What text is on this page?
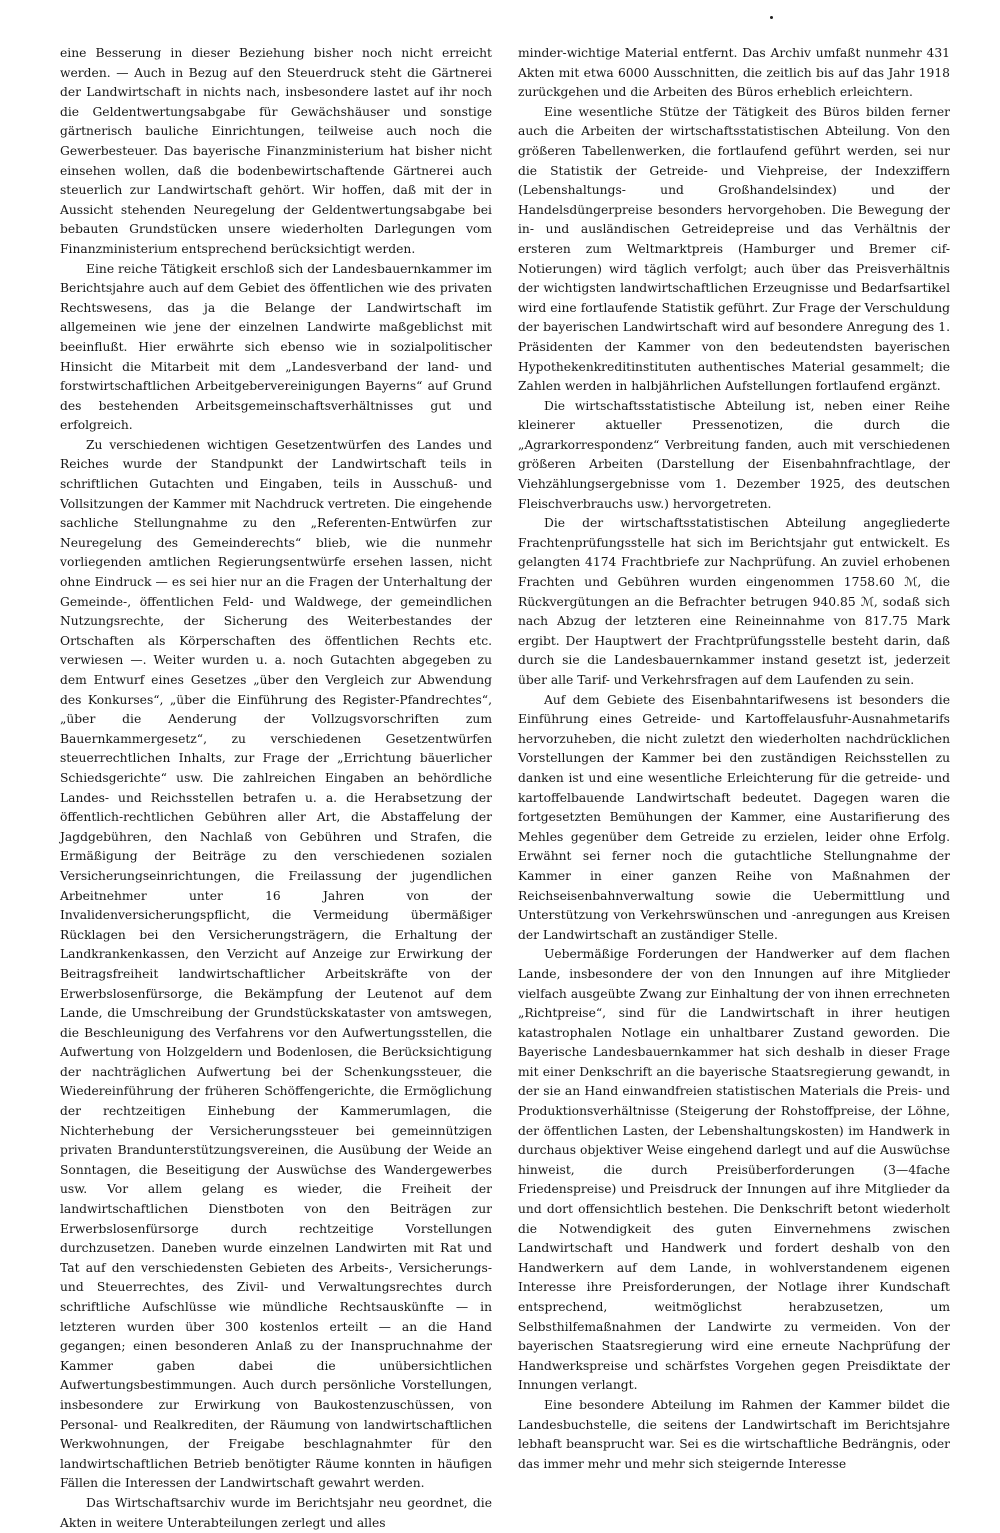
eine Besserung in dieser Beziehung bisher noch nicht erreicht werden. — Auch in Bezug auf den Steuerdruck steht die Gärtnerei der Landwirtschaft in nichts nach, insbesondere lastet auf ihr noch die Geldentwertungsabgabe für Gewächshäuser und sonstige gärtnerisch bauliche Einrichtungen, teilweise auch noch die Gewerbesteuer. Das bayerische Finanzministerium hat bisher nicht einsehen wollen, daß die bodenbewirtschaftende Gärtnerei auch steuerlich zur Landwirtschaft gehört. Wir hoffen, daß mit der in Aussicht stehenden Neuregelung der Geldentwertungsabgabe bei bebauten Grundstücken unsere wiederholten Darlegungen vom Finanzministerium entsprechend berücksichtigt werden.

Eine reiche Tätigkeit erschloß sich der Landesbauernkammer im Berichtsjahre auch auf dem Gebiet des öffentlichen wie des privaten Rechtswesens, das ja die Belange der Landwirtschaft im allgemeinen wie jene der einzelnen Landwirte maßgeblichst mit beeinflußt. Hier erwährte sich ebenso wie in sozialpolitischer Hinsicht die Mitarbeit mit dem „Landesverband der land- und forstwirtschaftlichen Arbeitgebervereinigungen Bayerns“ auf Grund des bestehenden Arbeitsgemeinschaftsverhältnisses gut und erfolgreich.

Zu verschiedenen wichtigen Gesetzentwürfen des Landes und Reiches wurde der Standpunkt der Landwirtschaft teils in schriftlichen Gutachten und Eingaben, teils in Ausschuß- und Vollsitzungen der Kammer mit Nachdruck vertreten. Die eingehende sachliche Stellungnahme zu den „Referenten-Entwürfen zur Neuregelung des Gemeinderechts“ blieb, wie die nunmehr vorliegenden amtlichen Regierungsentwürfe ersehen lassen, nicht ohne Eindruck — es sei hier nur an die Fragen der Unterhaltung der Gemeinde-, öffentlichen Feld- und Waldwege, der gemeindlichen Nutzungsrechte, der Sicherung des Weiterbestandes der Ortschaften als Körperschaften des öffentlichen Rechts etc. verwiesen —. Weiter wurden u. a. noch Gutachten abgegeben zu dem Entwurf eines Gesetzes „über den Vergleich zur Abwendung des Konkurses“, „über die Einführung des Register-Pfandrechtes“, „über die Aenderung der Vollzugsvorschriften zum Bauernkammergesetz“, zu verschiedenen Gesetzentwürfen steuerrechtlichen Inhalts, zur Frage der „Errichtung bäuerlicher Schiedsgerichte“ usw. Die zahlreichen Eingaben an behördliche Landes- und Reichsstellen betrafen u. a. die Herabsetzung der öffentlich-rechtlichen Gebühren aller Art, die Abstaffelung der Jagdgebühren, den Nachlaß von Gebühren und Strafen, die Ermäßigung der Beiträge zu den verschiedenen sozialen Versicherungseinrichtungen, die Freilassung der jugendlichen Arbeitnehmer unter 16 Jahren von der Invalidenversicherungspflicht, die Vermeidung übermäßiger Rücklagen bei den Versicherungsträgern, die Erhaltung der Landkrankenkassen, den Verzicht auf Anzeige zur Erwirkung der Beitragsfreiheit landwirtschaftlicher Arbeitskräfte von der Erwerbslosenfürsorge, die Bekämpfung der Leutenot auf dem Lande, die Umschreibung der Grundstückskataster von amtswegen, die Beschleunigung des Verfahrens vor den Aufwertungsstellen, die Aufwertung von Holzgeldern und Bodenlosen, die Berücksichtigung der nachträglichen Aufwertung bei der Schenkungssteuer, die Wiedereinführung der früheren Schöffengerichte, die Ermöglichung der rechtzeitigen Einhebung der Kammerumlagen, die Nichterhebung der Versicherungssteuer bei gemeinnützigen privaten Brandunterstützungsvereinen, die Ausübung der Weide an Sonntagen, die Beseitigung der Auswüchse des Wandergewerbes usw. Vor allem gelang es wieder, die Freiheit der landwirtschaftlichen Dienstboten von den Beiträgen zur Erwerbslosenfürsorge durch rechtzeitige Vorstellungen durchzusetzen. Daneben wurde einzelnen Landwirten mit Rat und Tat auf den verschiedensten Gebieten des Arbeits-, Versicherungs- und Steuerrechtes, des Zivil- und Verwaltungsrechtes durch schriftliche Aufschlüsse wie mündliche Rechtsauskünfte — in letzteren wurden über 300 kostenlos erteilt — an die Hand gegangen; einen besonderen Anlaß zu der Inanspruchnahme der Kammer gaben dabei die unübersichtlichen Aufwertungsbestimmungen. Auch durch persönliche Vorstellungen, insbesondere zur Erwirkung von Baukostenzuschüssen, von Personal- und Realkrediten, der Räumung von landwirtschaftlichen Werkwohnungen, der Freigabe beschlagnahmter für den landwirtschaftlichen Betrieb benötigter Räume konnten in häufigen Fällen die Interessen der Landwirtschaft gewahrt werden.

Das Wirtschaftsarchiv wurde im Berichtsjahr neu geordnet, die Akten in weitere Unterabteilungen zerlegt und alles

minder-wichtige Material entfernt. Das Archiv umfaßt nunmehr 431 Akten mit etwa 6000 Ausschnitten, die zeitlich bis auf das Jahr 1918 zurückgehen und die Arbeiten des Büros erheblich erleichtern.

Eine wesentliche Stütze der Tätigkeit des Büros bilden ferner auch die Arbeiten der wirtschaftsstatistischen Abteilung. Von den größeren Tabellenwerken, die fortlaufend geführt werden, sei nur die Statistik der Getreide- und Viehpreise, der Indexziffern (Lebenshaltungs- und Großhandelsindex) und der Handelsdüngerpreise besonders hervorgehoben. Die Bewegung der in- und ausländischen Getreidepreise und das Verhältnis der ersteren zum Weltmarktpreis (Hamburger und Bremer cif-Notierungen) wird täglich verfolgt; auch über das Preisverhältnis der wichtigsten landwirtschaftlichen Erzeugnisse und Bedarfsartikel wird eine fortlaufende Statistik geführt. Zur Frage der Verschuldung der bayerischen Landwirtschaft wird auf besondere Anregung des 1. Präsidenten der Kammer von den bedeutendsten bayerischen Hypothekenkreditinstituten authentisches Material gesammelt; die Zahlen werden in halbjährlichen Aufstellungen fortlaufend ergänzt.

Die wirtschaftsstatistische Abteilung ist, neben einer Reihe kleinerer aktueller Pressenotizen, die durch die „Agrarkorrespondenz“ Verbreitung fanden, auch mit verschiedenen größeren Arbeiten (Darstellung der Eisenbahnfrachtlage, der Viehzählungsergebnisse vom 1. Dezember 1925, des deutschen Fleischverbrauchs usw.) hervorgetreten.

Die der wirtschaftsstatistischen Abteilung angegliederte Frachtenprüfungsstelle hat sich im Berichtsjahr gut entwickelt. Es gelangten 4174 Frachtbriefe zur Nachprüfung. An zuviel erhobenen Frachten und Gebühren wurden eingenommen 1758.60 ℳ, die Rückvergütungen an die Befrachter betrugen 940.85 ℳ, sodaß sich nach Abzug der letzteren eine Reineinnahme von 817.75 Mark ergibt. Der Hauptwert der Frachtprüfungsstelle besteht darin, daß durch sie die Landesbauernkammer instand gesetzt ist, jederzeit über alle Tarif- und Verkehrsfragen auf dem Laufenden zu sein.

Auf dem Gebiete des Eisenbahntarifwesens ist besonders die Einführung eines Getreide- und Kartoffelausfuhr-Ausnahmetarifs hervorzuheben, die nicht zuletzt den wiederholten nachdrücklichen Vorstellungen der Kammer bei den zuständigen Reichsstellen zu danken ist und eine wesentliche Erleichterung für die getreide- und kartoffelbauende Landwirtschaft bedeutet. Dagegen waren die fortgesetzten Bemühungen der Kammer, eine Austarifierung des Mehles gegenüber dem Getreide zu erzielen, leider ohne Erfolg. Erwähnt sei ferner noch die gutachtliche Stellungnahme der Kammer in einer ganzen Reihe von Maßnahmen der Reichseisenbahnverwaltung sowie die Uebermittlung und Unterstützung von Verkehrswünschen und -anregungen aus Kreisen der Landwirtschaft an zuständiger Stelle.

Uebermäßige Forderungen der Handwerker auf dem flachen Lande, insbesondere der von den Innungen auf ihre Mitglieder vielfach ausgeübte Zwang zur Einhaltung der von ihnen errechneten „Richtpreise“, sind für die Landwirtschaft in ihrer heutigen katastrophalen Notlage ein unhaltbarer Zustand geworden. Die Bayerische Landesbauernkammer hat sich deshalb in dieser Frage mit einer Denkschrift an die bayerische Staatsregierung gewandt, in der sie an Hand einwandfreien statistischen Materials die Preis- und Produktionsverhältnisse (Steigerung der Rohstoffpreise, der Löhne, der öffentlichen Lasten, der Lebenshaltungskosten) im Handwerk in durchaus objektiver Weise eingehend darlegt und auf die Auswüchse hinweist, die durch Preisüberforderungen (3—4fache Friedenspreise) und Preisdruck der Innungen auf ihre Mitglieder da und dort offensichtlich bestehen. Die Denkschrift betont wiederholt die Notwendigkeit des guten Einvernehmens zwischen Landwirtschaft und Handwerk und fordert deshalb von den Handwerkern auf dem Lande, in wohlverstandenem eigenen Interesse ihre Preisforderungen, der Notlage ihrer Kundschaft entsprechend, weitmöglichst herabzusetzen, um Selbsthilfemaßnahmen der Landwirte zu vermeiden. Von der bayerischen Staatsregierung wird eine erneute Nachprüfung der Handwerkspreise und schärfstes Vorgehen gegen Preisdiktate der Innungen verlangt.

Eine besondere Abteilung im Rahmen der Kammer bildet die Landesbuchstelle, die seitens der Landwirtschaft im Berichtsjahre lebhaft beansprucht war. Sei es die wirtschaftliche Bedrängnis, oder das immer mehr und mehr sich steigernde Interesse
